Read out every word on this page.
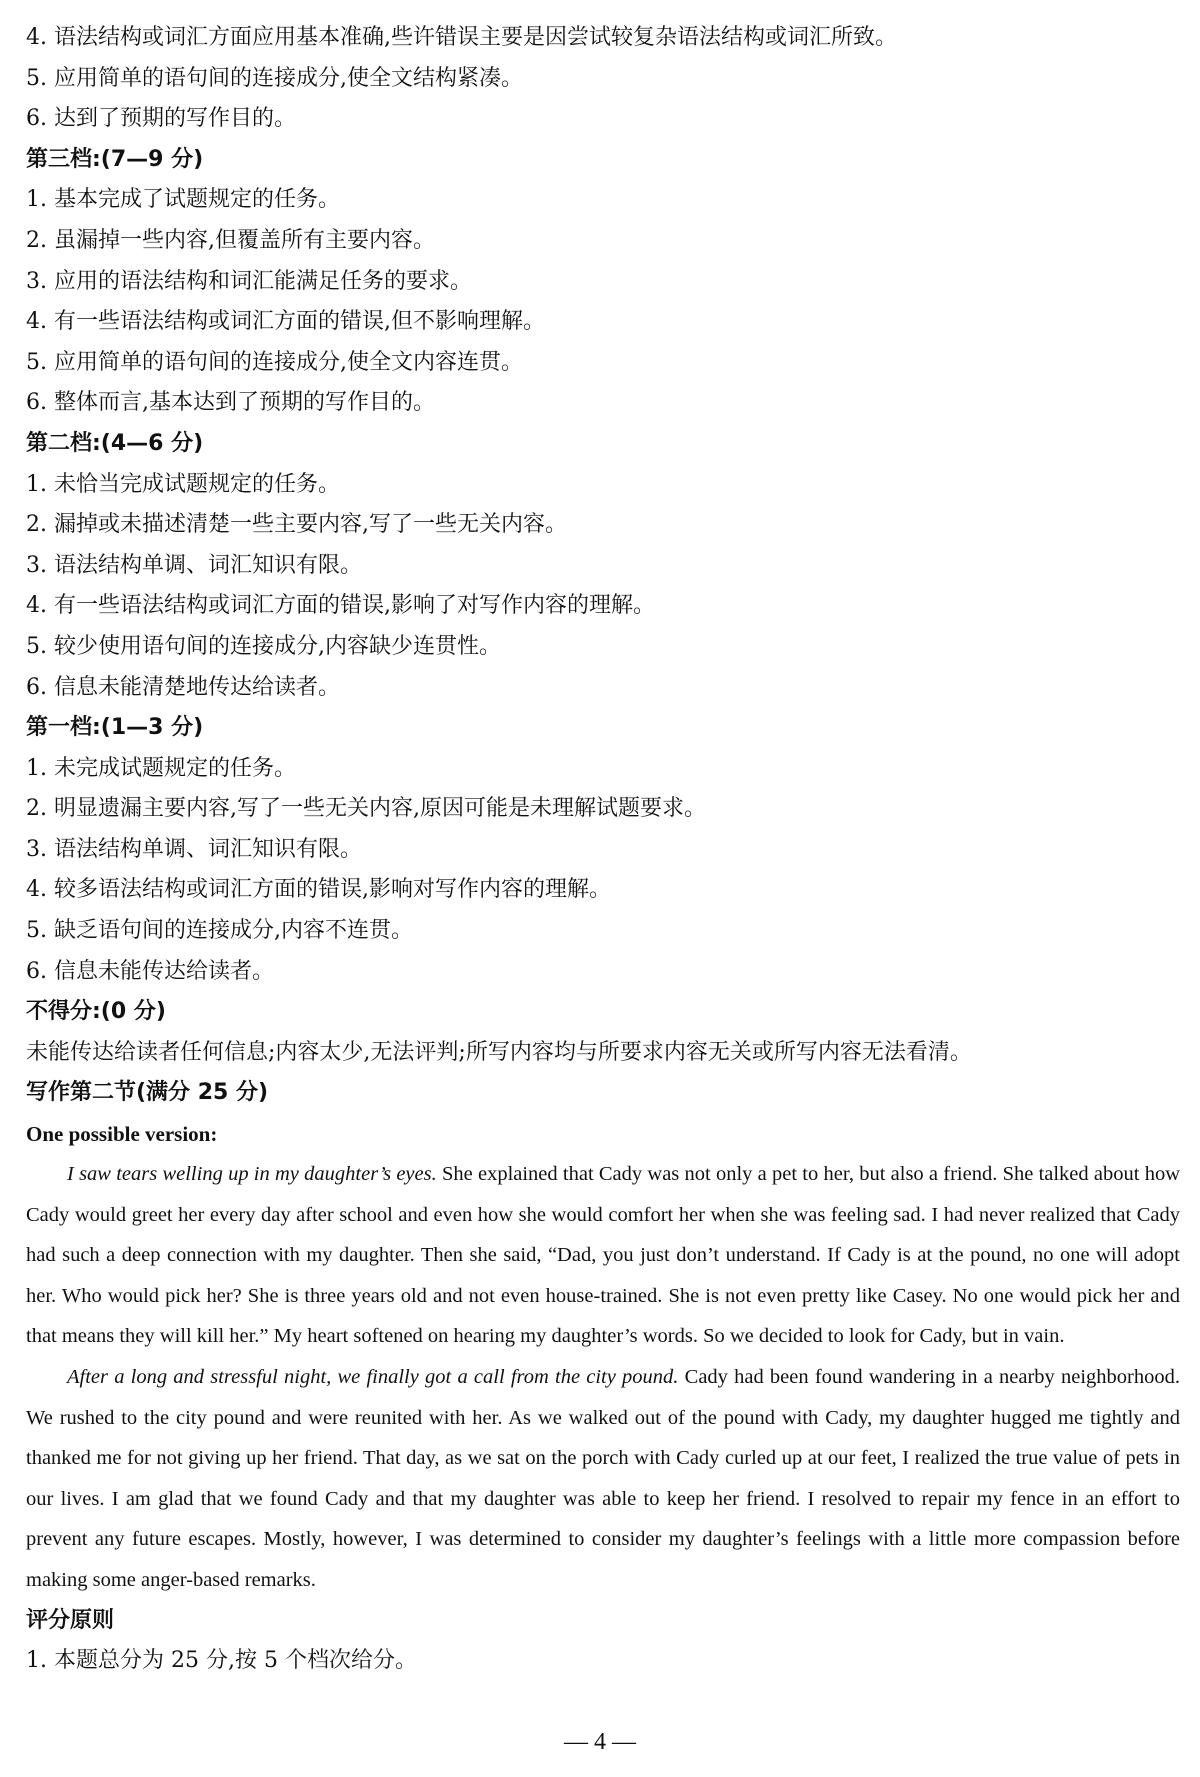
4. 语法结构或词汇方面应用基本准确,些许错误主要是因尝试较复杂语法结构或词汇所致。
5. 应用简单的语句间的连接成分,使全文结构紧凑。
6. 达到了预期的写作目的。
第三档:(7—9 分)
1. 基本完成了试题规定的任务。
2. 虽漏掉一些内容,但覆盖所有主要内容。
3. 应用的语法结构和词汇能满足任务的要求。
4. 有一些语法结构或词汇方面的错误,但不影响理解。
5. 应用简单的语句间的连接成分,使全文内容连贯。
6. 整体而言,基本达到了预期的写作目的。
第二档:(4—6 分)
1. 未恰当完成试题规定的任务。
2. 漏掉或未描述清楚一些主要内容,写了一些无关内容。
3. 语法结构单调、词汇知识有限。
4. 有一些语法结构或词汇方面的错误,影响了对写作内容的理解。
5. 较少使用语句间的连接成分,内容缺少连贯性。
6. 信息未能清楚地传达给读者。
第一档:(1—3 分)
1. 未完成试题规定的任务。
2. 明显遗漏主要内容,写了一些无关内容,原因可能是未理解试题要求。
3. 语法结构单调、词汇知识有限。
4. 较多语法结构或词汇方面的错误,影响对写作内容的理解。
5. 缺乏语句间的连接成分,内容不连贯。
6. 信息未能传达给读者。
不得分:(0 分)
未能传达给读者任何信息;内容太少,无法评判;所写内容均与所要求内容无关或所写内容无法看清。
写作第二节(满分 25 分)
One possible version:

I saw tears welling up in my daughter’s eyes. She explained that Cady was not only a pet to her, but also a friend. She talked about how Cady would greet her every day after school and even how she would comfort her when she was feeling sad. I had never realized that Cady had such a deep connection with my daughter. Then she said, “Dad, you just don’t understand. If Cady is at the pound, no one will adopt her. Who would pick her? She is three years old and not even house-trained. She is not even pretty like Casey. No one would pick her and that means they will kill her.” My heart softened on hearing my daughter’s words. So we decided to look for Cady, but in vain.

After a long and stressful night, we finally got a call from the city pound. Cady had been found wandering in a nearby neighborhood. We rushed to the city pound and were reunited with her. As we walked out of the pound with Cady, my daughter hugged me tightly and thanked me for not giving up her friend. That day, as we sat on the porch with Cady curled up at our feet, I realized the true value of pets in our lives. I am glad that we found Cady and that my daughter was able to keep her friend. I resolved to repair my fence in an effort to prevent any future escapes. Mostly, however, I was determined to consider my daughter’s feelings with a little more compassion before making some anger-based remarks.

评分原则
1. 本题总分为 25 分,按 5 个档次给分。
— 4 —
